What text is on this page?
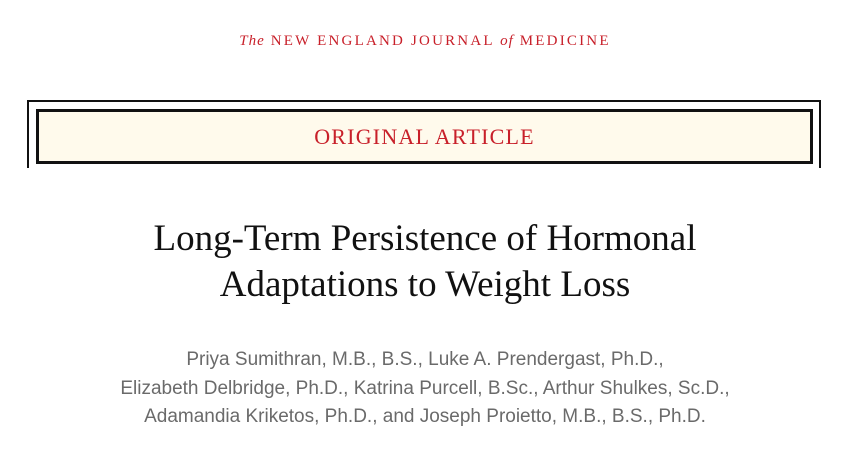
The NEW ENGLAND JOURNAL of MEDICINE
ORIGINAL ARTICLE
Long-Term Persistence of Hormonal
Adaptations to Weight Loss
Priya Sumithran, M.B., B.S., Luke A. Prendergast, Ph.D.,
Elizabeth Delbridge, Ph.D., Katrina Purcell, B.Sc., Arthur Shulkes, Sc.D.,
Adamandia Kriketos, Ph.D., and Joseph Proietto, M.B., B.S., Ph.D.
